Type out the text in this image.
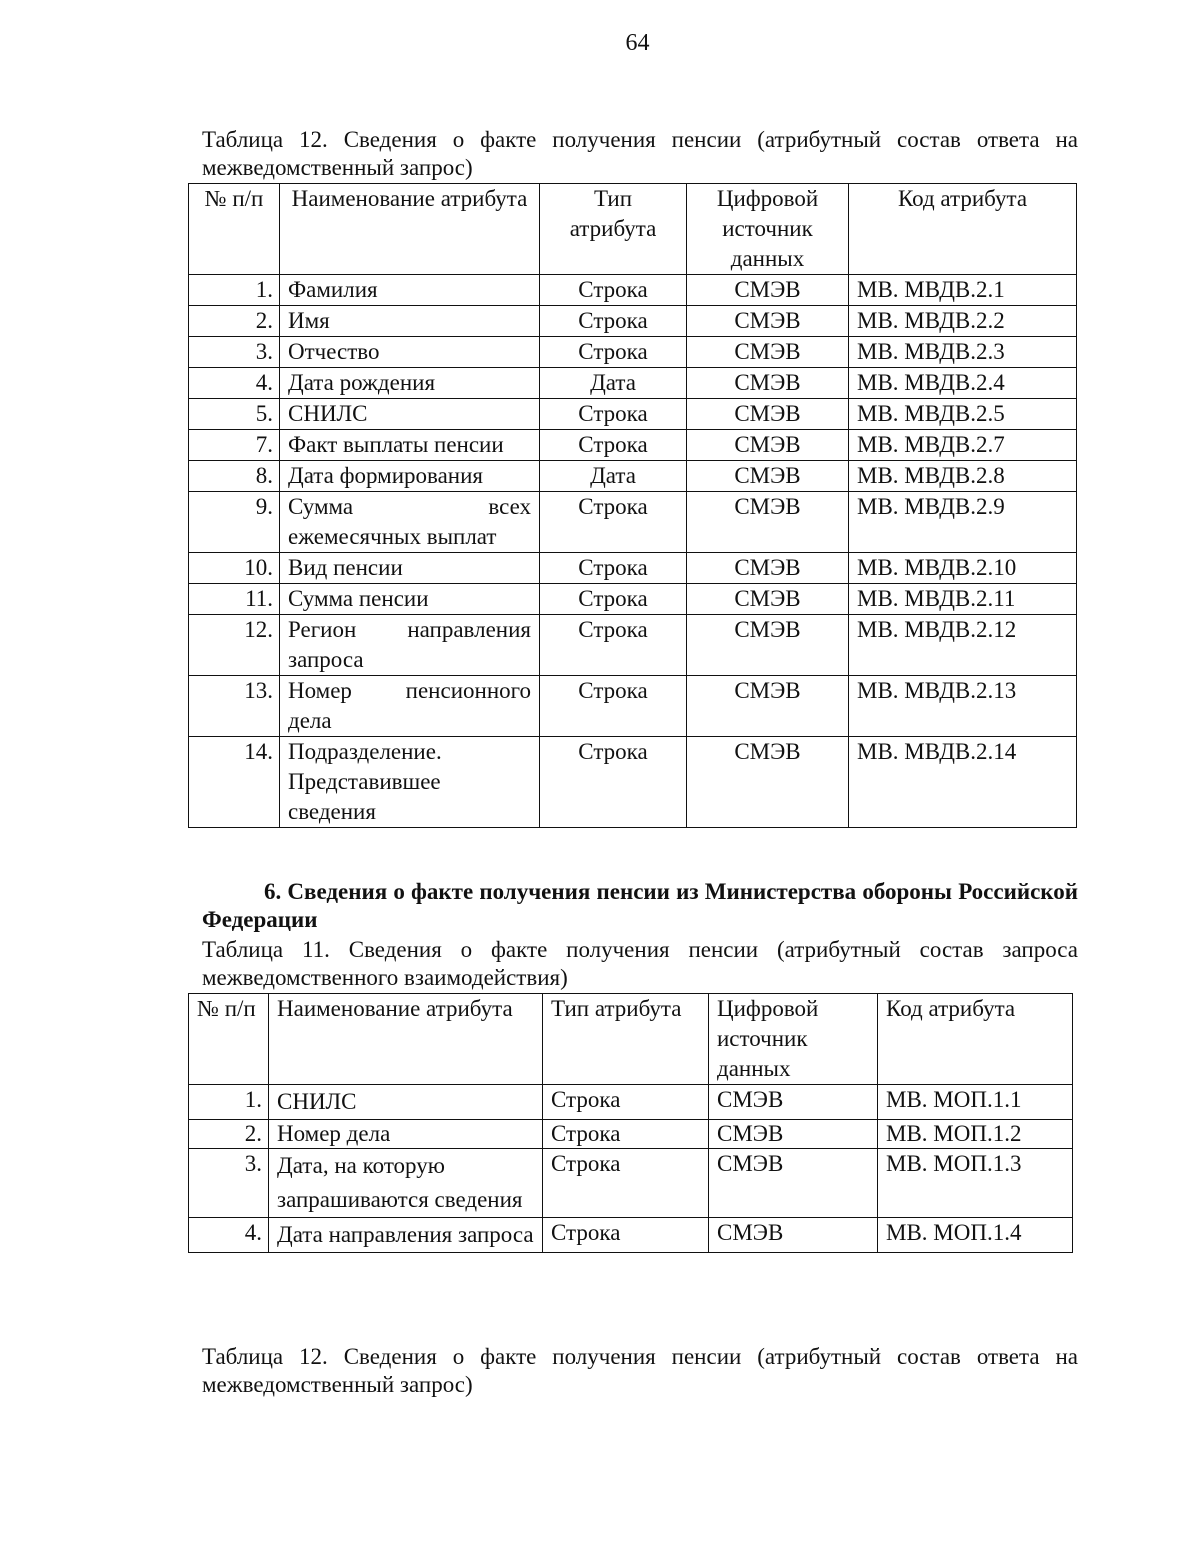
64
Таблица 12. Сведения о факте получения пенсии (атрибутный состав ответа на межведомственный запрос)
№ п/п	Наименование атрибута	Тип атрибута	Цифровой источник данных	Код атрибута
1.	Фамилия	Строка	СМЭВ	МВ. МВДВ.2.1
2.	Имя	Строка	СМЭВ	МВ. МВДВ.2.2
3.	Отчество	Строка	СМЭВ	МВ. МВДВ.2.3
4.	Дата рождения	Дата	СМЭВ	МВ. МВДВ.2.4
5.	СНИЛС	Строка	СМЭВ	МВ. МВДВ.2.5
7.	Факт выплаты пенсии	Строка	СМЭВ	МВ. МВДВ.2.7
8.	Дата формирования	Дата	СМЭВ	МВ. МВДВ.2.8
9.	Сумма всех ежемесячных выплат	Строка	СМЭВ	МВ. МВДВ.2.9
10.	Вид пенсии	Строка	СМЭВ	МВ. МВДВ.2.10
11.	Сумма пенсии	Строка	СМЭВ	МВ. МВДВ.2.11
12.	Регион направления запроса	Строка	СМЭВ	МВ. МВДВ.2.12
13.	Номер пенсионного дела	Строка	СМЭВ	МВ. МВДВ.2.13
14.	Подразделение. Представившее сведения	Строка	СМЭВ	МВ. МВДВ.2.14
6. Сведения о факте получения пенсии из Министерства обороны Российской Федерации
Таблица 11. Сведения о факте получения пенсии (атрибутный состав запроса межведомственного взаимодействия)
№ п/п	Наименование атрибута	Тип атрибута	Цифровой источник данных	Код атрибута
1.	СНИЛС	Строка	СМЭВ	МВ. МОП.1.1
2.	Номер дела	Строка	СМЭВ	МВ. МОП.1.2
3.	Дата, на которую запрашиваются сведения	Строка	СМЭВ	МВ. МОП.1.3
4.	Дата направления запроса	Строка	СМЭВ	МВ. МОП.1.4
Таблица 12. Сведения о факте получения пенсии (атрибутный состав ответа на межведомственный запрос)
